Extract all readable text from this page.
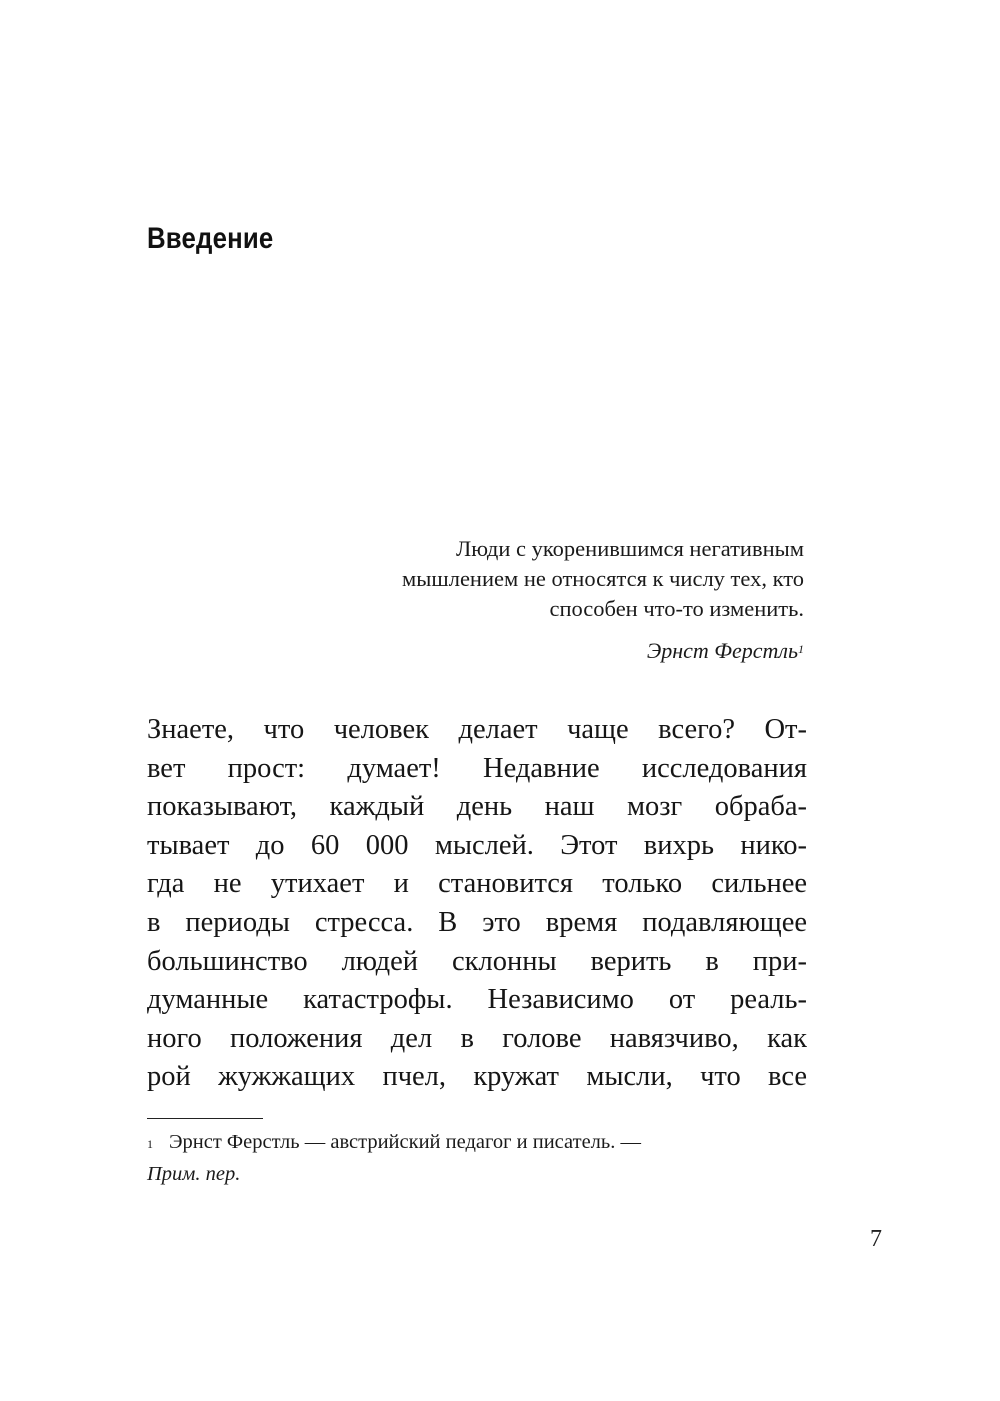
Введение
Люди с укоренившимся негативным
мышлением не относятся к числу тех, кто
способен что-то изменить.
Эрнст Ферстль$^1$
Знаете, что человек делает чаще всего? От-
вет прост: думает! Недавние исследования
показывают, каждый день наш мозг обраба-
тывает до 60 000 мыслей. Этот вихрь нико-
гда не утихает и становится только сильнее
в периоды стресса. В это время подавляющее
большинство людей склонны верить в при-
думанные катастрофы. Независимо от реаль-
ного положения дел в голове навязчиво, как
рой жужжащих пчел, кружат мысли, что все
$^1$ Эрнст Ферстль — австрийский педагог и писатель. —
Прим. пер.
7
